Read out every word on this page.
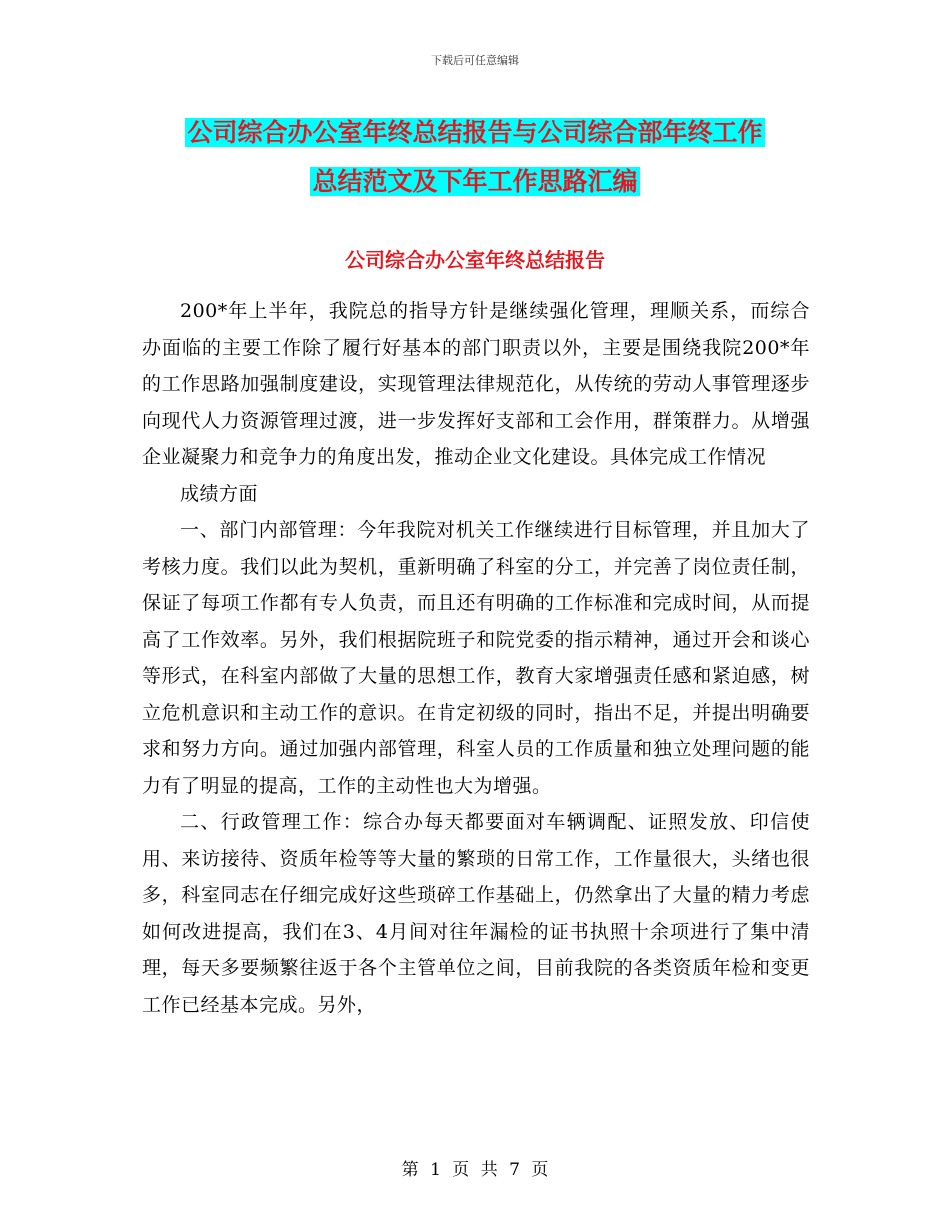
下载后可任意编辑
公司综合办公室年终总结报告与公司综合部年终工作
总结范文及下年工作思路汇编
公司综合办公室年终总结报告

200*年上半年，我院总的指导方针是继续强化管理，理顺关系，而综合办面临的主要工作除了履行好基本的部门职责以外，主要是围绕我院200*年的工作思路加强制度建设，实现管理法律规范化，从传统的劳动人事管理逐步向现代人力资源管理过渡，进一步发挥好支部和工会作用，群策群力。从增强企业凝聚力和竞争力的角度出发，推动企业文化建设。具体完成工作情况

成绩方面

一、部门内部管理：今年我院对机关工作继续进行目标管理，并且加大了考核力度。我们以此为契机，重新明确了科室的分工，并完善了岗位责任制，保证了每项工作都有专人负责，而且还有明确的工作标准和完成时间，从而提高了工作效率。另外，我们根据院班子和院党委的指示精神，通过开会和谈心等形式，在科室内部做了大量的思想工作，教育大家增强责任感和紧迫感，树立危机意识和主动工作的意识。在肯定初级的同时，指出不足，并提出明确要求和努力方向。通过加强内部管理，科室人员的工作质量和独立处理问题的能力有了明显的提高，工作的主动性也大为增强。

二、行政管理工作：综合办每天都要面对车辆调配、证照发放、印信使用、来访接待、资质年检等等大量的繁琐的日常工作，工作量很大，头绪也很多，科室同志在仔细完成好这些琐碎工作基础上，仍然拿出了大量的精力考虑如何改进提高，我们在3、4月间对往年漏检的证书执照十余项进行了集中清理，每天多要频繁往返于各个主管单位之间，目前我院的各类资质年检和变更工作已经基本完成。另外，

第 1 页 共 7 页
